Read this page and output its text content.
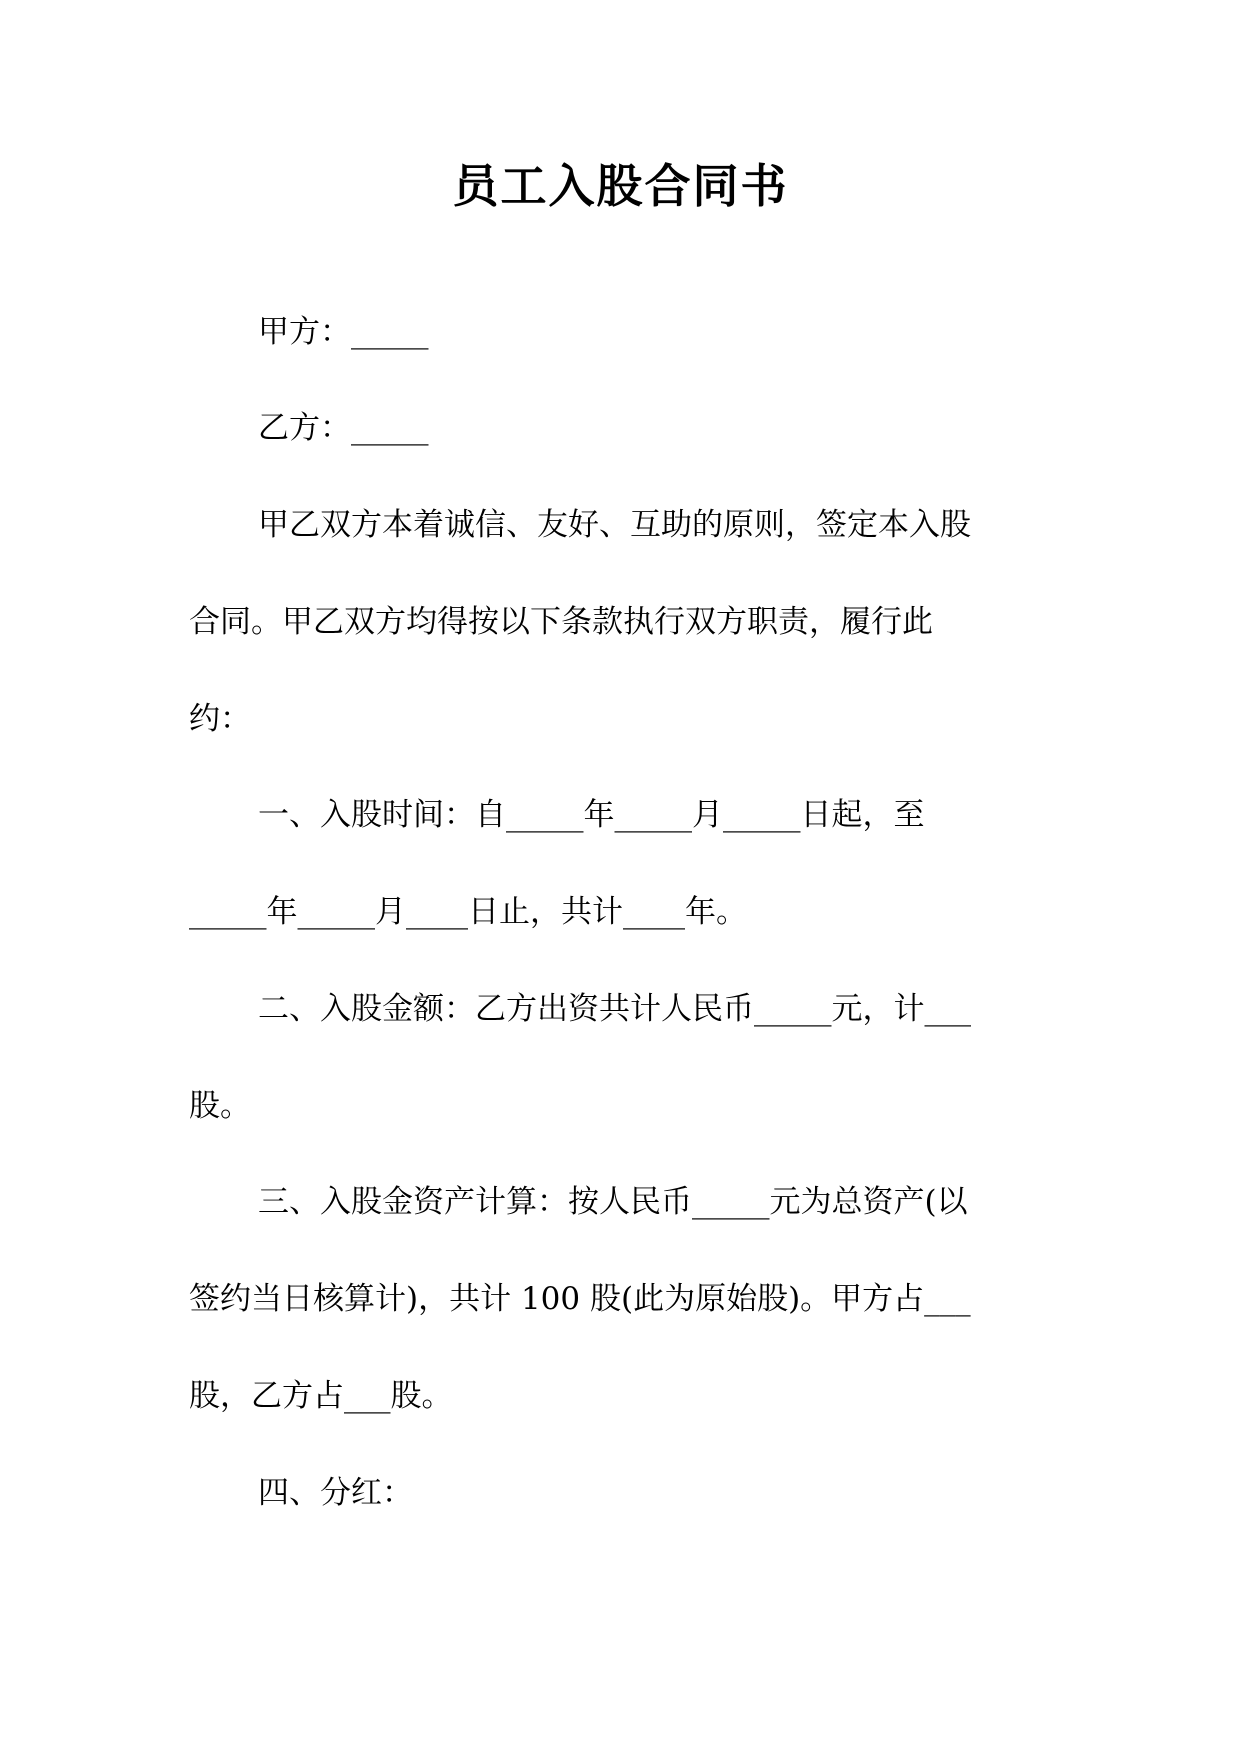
员工入股合同书
甲方：_____
乙方：_____
甲乙双方本着诚信、友好、互助的原则，签定本入股
合同。甲乙双方均得按以下条款执行双方职责，履行此
约：
一、入股时间：自_____年_____月_____日起，至
_____年_____月____日止，共计____年。
二、入股金额：乙方出资共计人民币_____元，计___
股。
三、入股金资产计算：按人民币_____元为总资产(以
签约当日核算计)，共计 100 股(此为原始股)。甲方占___
股，乙方占___股。
四、分红：
